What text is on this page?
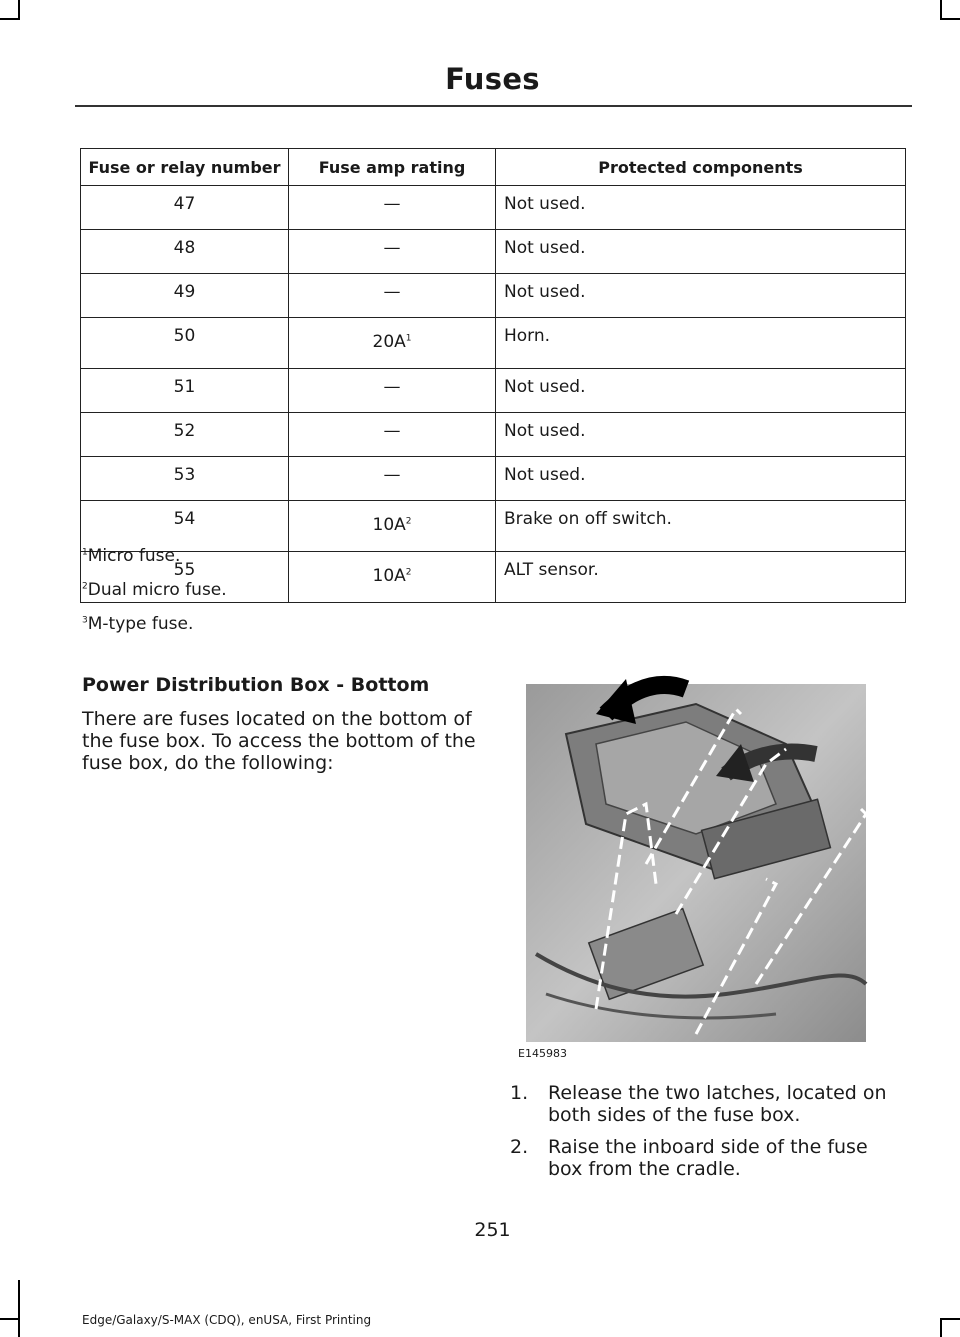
Fuses
Fuse or relay number	Fuse amp rating	Protected components
47	—	Not used.
48	—	Not used.
49	—	Not used.
50	$20A^1$	Horn.
51	—	Not used.
52	—	Not used.
53	—	Not used.
54	$10A^2$	Brake on off switch.
55	$10A^2$	ALT sensor.
$^1$Micro fuse.
$^2$Dual micro fuse.
$^3$M-type fuse.
Power Distribution Box - Bottom
There are fuses located on the bottom of the fuse box. To access the bottom of the fuse box, do the following:
E145983
1. Release the two latches, located on both sides of the fuse box.
2. Raise the inboard side of the fuse box from the cradle.
251
Edge/Galaxy/S-MAX (CDQ), enUSA, First Printing
